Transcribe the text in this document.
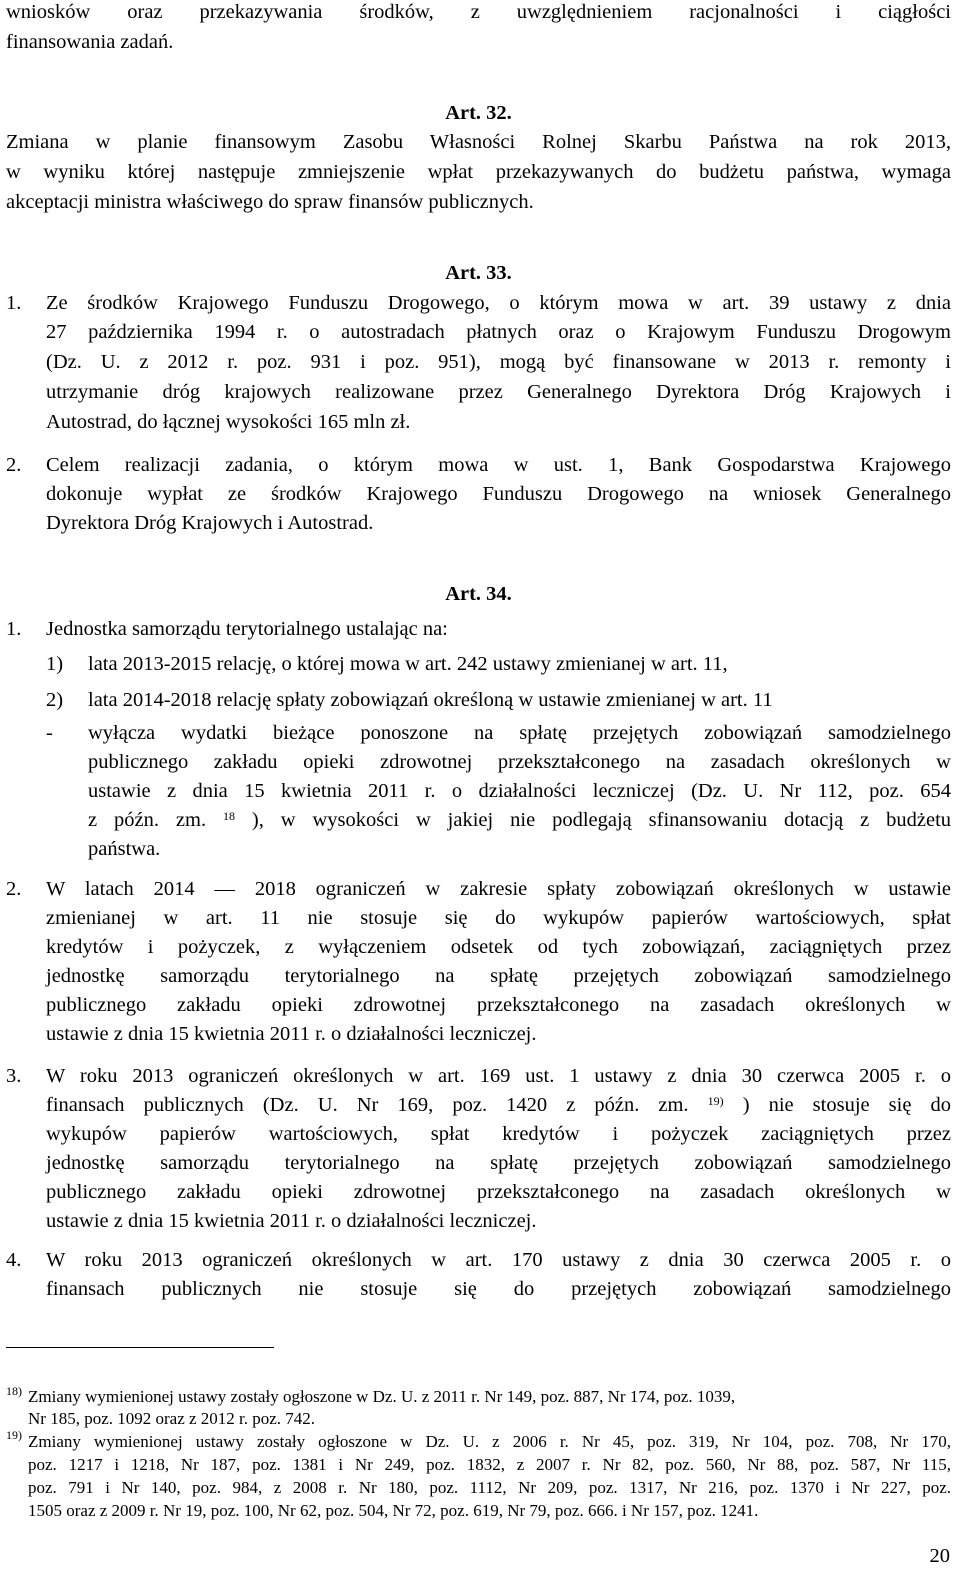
wniosków oraz przekazywania środków, z uwzględnieniem racjonalności i ciągłości
finansowania zadań.
Art. 32.
Zmiana w planie finansowym Zasobu Własności Rolnej Skarbu Państwa na rok 2013,
w wyniku której następuje zmniejszenie wpłat przekazywanych do budżetu państwa, wymaga
akceptacji ministra właściwego do spraw finansów publicznych.
Art. 33.
1. Ze środków Krajowego Funduszu Drogowego, o którym mowa w art. 39 ustawy z dnia
27 października 1994 r. o autostradach płatnych oraz o Krajowym Funduszu Drogowym
(Dz. U. z 2012 r. poz. 931 i poz. 951), mogą być finansowane w 2013 r. remonty i
utrzymanie dróg krajowych realizowane przez Generalnego Dyrektora Dróg Krajowych i
Autostrad, do łącznej wysokości 165 mln zł.
2. Celem realizacji zadania, o którym mowa w ust. 1, Bank Gospodarstwa Krajowego
dokonuje wypłat ze środków Krajowego Funduszu Drogowego na wniosek Generalnego
Dyrektora Dróg Krajowych i Autostrad.
Art. 34.
1. Jednostka samorządu terytorialnego ustalając na:
1) lata 2013-2015 relację, o której mowa w art. 242 ustawy zmienianej w art. 11,
2) lata 2014-2018 relację spłaty zobowiązań określoną w ustawie zmienianej w art. 11
- wyłącza wydatki bieżące ponoszone na spłatę przejętych zobowiązań samodzielnego
publicznego zakładu opieki zdrowotnej przekształconego na zasadach określonych w
ustawie z dnia 15 kwietnia 2011 r. o działalności leczniczej (Dz. U. Nr 112, poz. 654
z późn. zm. $^{18}$ ), w wysokości w jakiej nie podlegają sfinansowaniu dotacją z budżetu
państwa.
2. W latach 2014 — 2018 ograniczeń w zakresie spłaty zobowiązań określonych w ustawie
zmienianej w art. 11 nie stosuje się do wykupów papierów wartościowych, spłat
kredytów i pożyczek, z wyłączeniem odsetek od tych zobowiązań, zaciągniętych przez
jednostkę samorządu terytorialnego na spłatę przejętych zobowiązań samodzielnego
publicznego zakładu opieki zdrowotnej przekształconego na zasadach określonych w
ustawie z dnia 15 kwietnia 2011 r. o działalności leczniczej.
3. W roku 2013 ograniczeń określonych w art. 169 ust. 1 ustawy z dnia 30 czerwca 2005 r. o
finansach publicznych (Dz. U. Nr 169, poz. 1420 z późn. zm. $^{19)}$ ) nie stosuje się do
wykupów papierów wartościowych, spłat kredytów i pożyczek zaciągniętych przez
jednostkę samorządu terytorialnego na spłatę przejętych zobowiązań samodzielnego
publicznego zakładu opieki zdrowotnej przekształconego na zasadach określonych w
ustawie z dnia 15 kwietnia 2011 r. o działalności leczniczej.
4. W roku 2013 ograniczeń określonych w art. 170 ustawy z dnia 30 czerwca 2005 r. o
finansach publicznych nie stosuje się do przejętych zobowiązań samodzielnego
18) Zmiany wymienionej ustawy zostały ogłoszone w Dz. U. z 2011 r. Nr 149, poz. 887, Nr 174, poz. 1039,
Nr 185, poz. 1092 oraz z 2012 r. poz. 742.
19) Zmiany wymienionej ustawy zostały ogłoszone w Dz. U. z 2006 r. Nr 45, poz. 319, Nr 104, poz. 708, Nr 170,
poz. 1217 i 1218, Nr 187, poz. 1381 i Nr 249, poz. 1832, z 2007 r. Nr 82, poz. 560, Nr 88, poz. 587, Nr 115,
poz. 791 i Nr 140, poz. 984, z 2008 r. Nr 180, poz. 1112, Nr 209, poz. 1317, Nr 216, poz. 1370 i Nr 227, poz.
1505 oraz z 2009 r. Nr 19, poz. 100, Nr 62, poz. 504, Nr 72, poz. 619, Nr 79, poz. 666. i Nr 157, poz. 1241.
20
